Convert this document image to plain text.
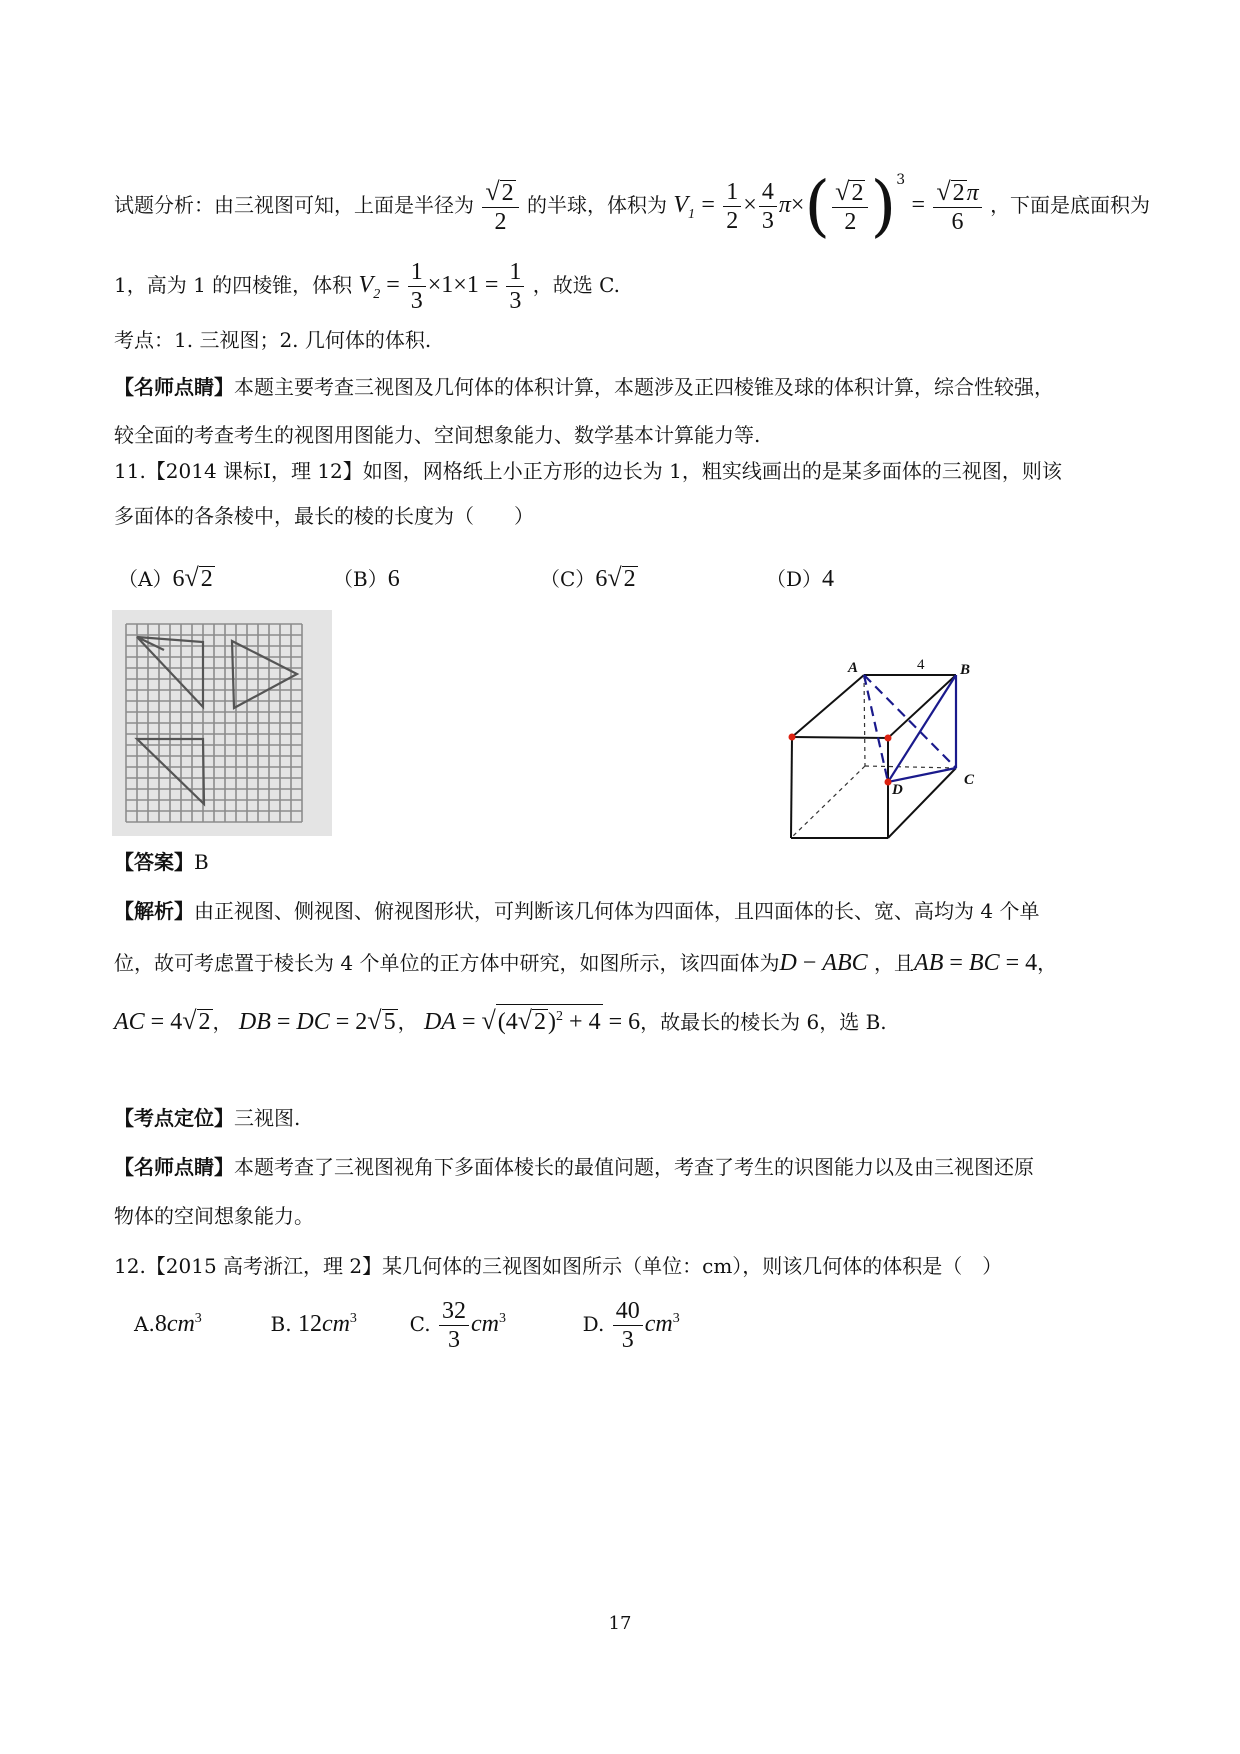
试题分析：由三视图可知，上面是半径为 $\frac{√2}{2}$ 的半球，体积为 $V_1 = \frac{1}{2} \times \frac{4}{3} \pi\times( \frac{√2}{2} )^3 = \frac{√2\pi}{6}$ ，下面是底面积为
1，高为 1 的四棱锥，体积 $V_2 = \frac{1}{3} \times 1\times 1 = \frac{1}{3}$ ，故选 C.
考点：1. 三视图；2. 几何体的体积.
【名师点睛】本题主要考查三视图及几何体的体积计算，本题涉及正四棱锥及球的体积计算，综合性较强，
较全面的考查考生的视图用图能力、空间想象能力、数学基本计算能力等.
11.【2014 课标Ⅰ，理 12】如图，网格纸上小正方形的边长为 1，粗实线画出的是某多面体的三视图，则该
多面体的各条棱中，最长的棱的长度为（　　）
（A）6√2	（B）6	（C）6√2	（D）4
A	B
C
D
4
【答案】B
【解析】由正视图、侧视图、俯视图形状，可判断该几何体为四面体，且四面体的长、宽、高均为 4 个单
位，故可考虑置于棱长为 4 个单位的正方体中研究，如图所示，该四面体为D − ABC ，且AB = BC = 4，
AC = 4√2 ， DB = DC = 2√5 ， DA = $√(4√2)^2 + 4 = 6$，故最长的棱长为 6，选 B.
【考点定位】三视图.
【名师点睛】本题考查了三视图视角下多面体棱长的最值问题，考查了考生的识图能力以及由三视图还原
物体的空间想象能力。
12.【2015 高考浙江，理 2】某几何体的三视图如图所示（单位：cm），则该几何体的体积是（　）
$A.8cm^3$	B. $12cm^3$	C. $\frac{32}{3} cm^3$	D. $\frac{40}{3} cm^3$
17
